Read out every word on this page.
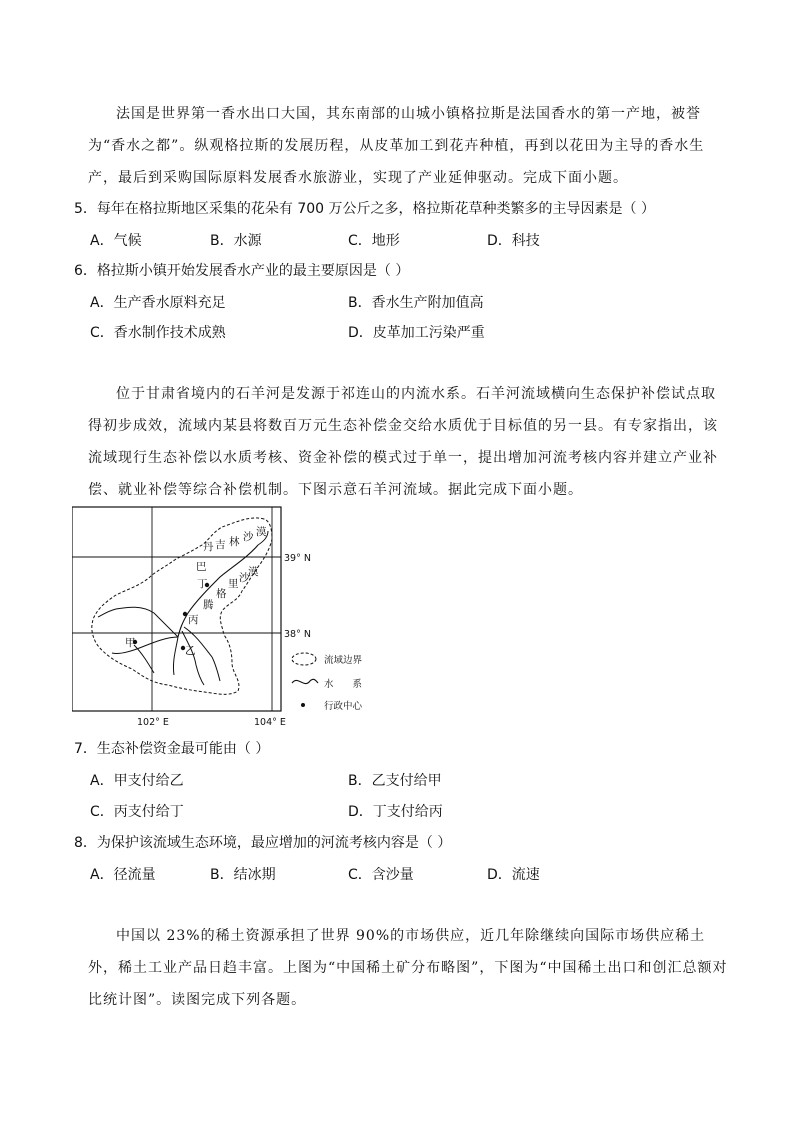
法国是世界第一香水出口大国，其东南部的山城小镇格拉斯是法国香水的第一产地，被誉为“香水之都”。纵观格拉斯的发展历程，从皮革加工到花卉种植，再到以花田为主导的香水生产，最后到采购国际原料发展香水旅游业，实现了产业延伸驱动。完成下面小题。
5．每年在格拉斯地区采集的花朵有 700 万公斤之多，格拉斯花草种类繁多的主导因素是（ ）
A．气候	B．水源	C．地形	D．科技
6．格拉斯小镇开始发展香水产业的最主要原因是（ ）
A．生产香水原料充足	B．香水生产附加值高
C．香水制作技术成熟	D．皮革加工污染严重
位于甘肃省境内的石羊河是发源于祁连山的内流水系。石羊河流域横向生态保护补偿试点取得初步成效，流域内某县将数百万元生态补偿金交给水质优于目标值的另一县。有专家指出，该流域现行生态补偿以水质考核、资金补偿的模式过于单一，提出增加河流考核内容并建立产业补偿、就业补偿等综合补偿机制。下图示意石羊河流域。据此完成下面小题。
巴
丹 吉 林 沙 漠
腾
格
里 沙
漠
甲
乙
丙
丁
39° N
38° N
102° E	104° E
流域边界
水　　系
行政中心
7．生态补偿资金最可能由（ ）
A．甲支付给乙	B．乙支付给甲
C．丙支付给丁	D．丁支付给丙
8．为保护该流域生态环境，最应增加的河流考核内容是（ ）
A．径流量	B．结冰期	C．含沙量	D．流速
中国以 23%的稀土资源承担了世界 90%的市场供应，近几年除继续向国际市场供应稀土外，稀土工业产品日趋丰富。上图为“中国稀土矿分布略图”，下图为“中国稀土出口和创汇总额对比统计图”。读图完成下列各题。
